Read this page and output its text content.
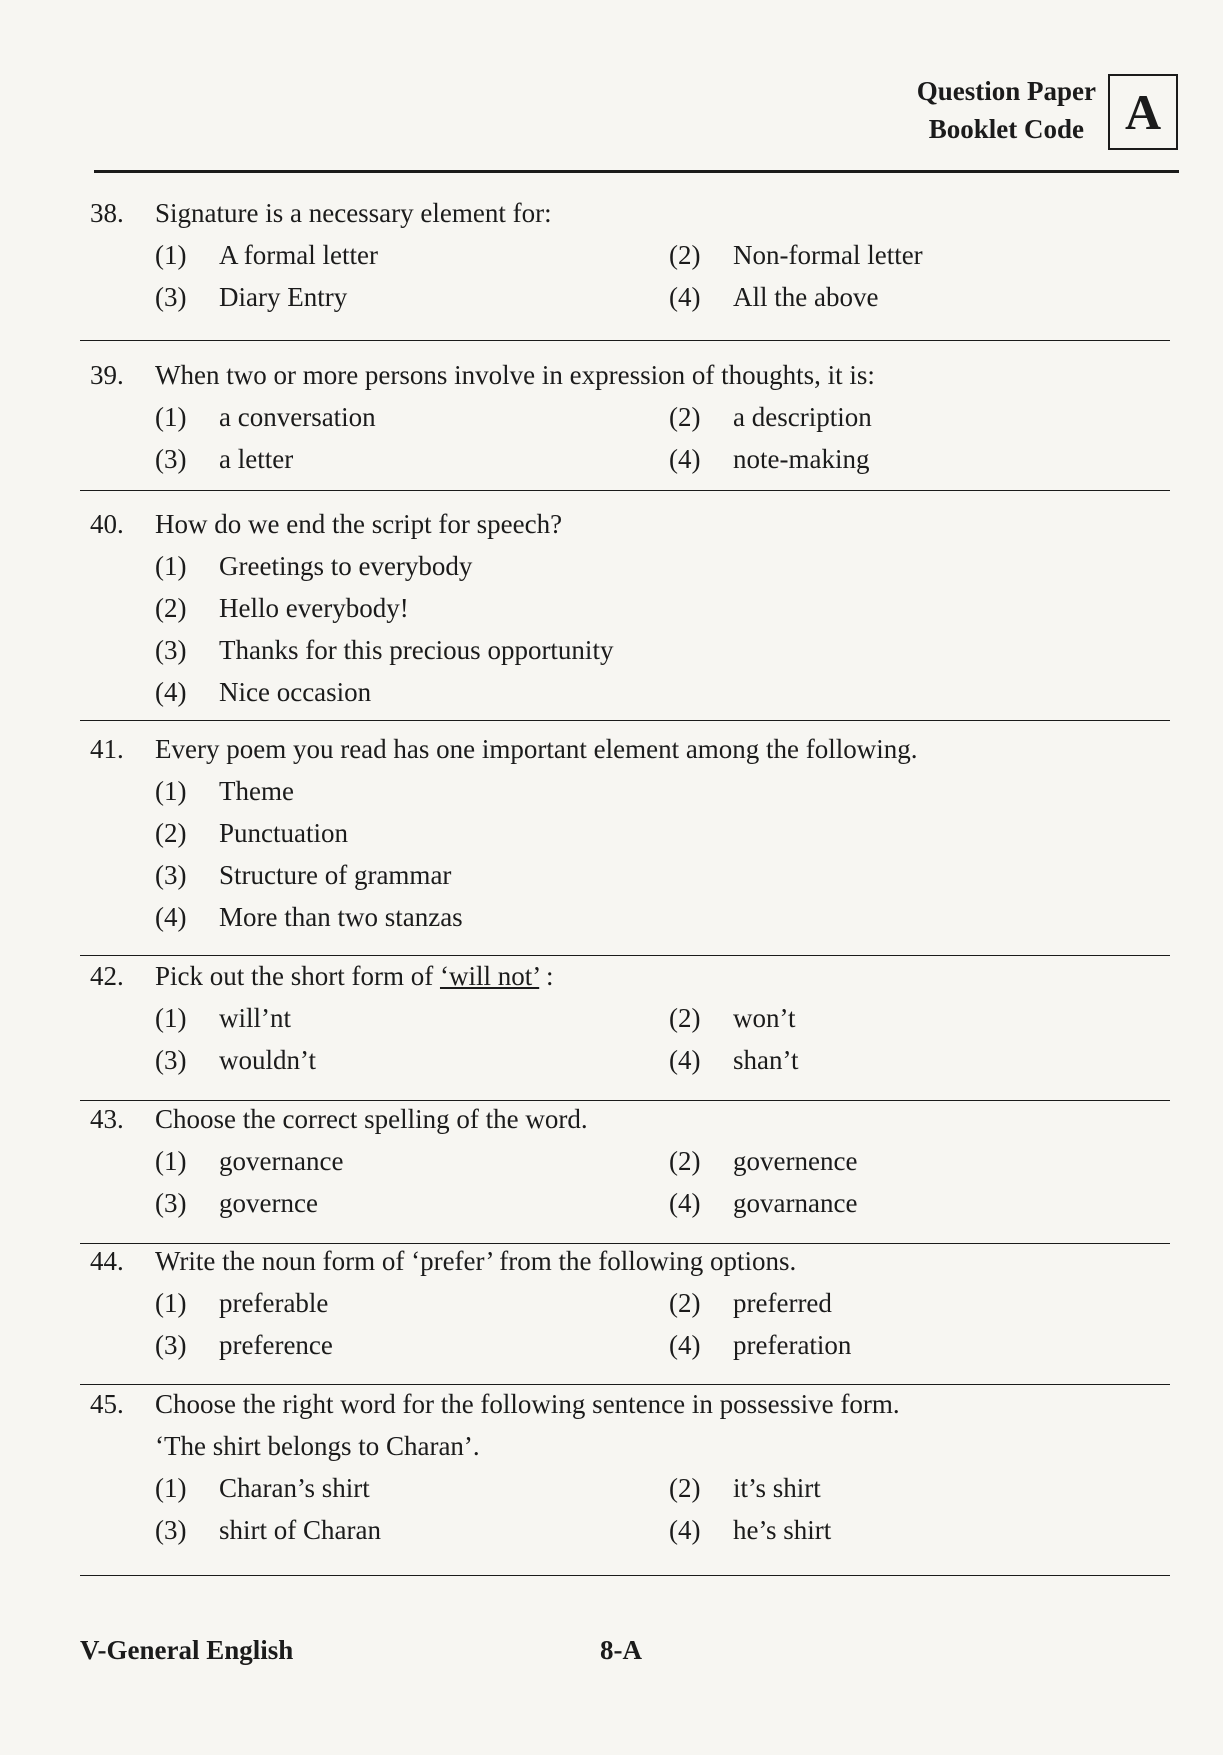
Question Paper
Booklet Code A
38.	Signature is a necessary element for:
(1)	A formal letter	(2)	Non-formal letter
(3)	Diary Entry	(4)	All the above
39.	When two or more persons involve in expression of thoughts, it is:
(1)	a conversation	(2)	a description
(3)	a letter	(4)	note-making
40.	How do we end the script for speech?
(1)	Greetings to everybody
(2)	Hello everybody!
(3)	Thanks for this precious opportunity
(4)	Nice occasion
41.	Every poem you read has one important element among the following.
(1)	Theme
(2)	Punctuation
(3)	Structure of grammar
(4)	More than two stanzas
42.	Pick out the short form of ‘will not’ :
(1)	will’nt	(2)	won’t
(3)	wouldn’t	(4)	shan’t
43.	Choose the correct spelling of the word.
(1)	governance	(2)	governence
(3)	governce	(4)	govarnance
44.	Write the noun form of ‘prefer’ from the following options.
(1)	preferable	(2)	preferred
(3)	preference	(4)	preferation
45.	Choose the right word for the following sentence in possessive form.
‘The shirt belongs to Charan’.
(1)	Charan’s shirt	(2)	it’s shirt
(3)	shirt of Charan	(4)	he’s shirt
V-General English	8-A
